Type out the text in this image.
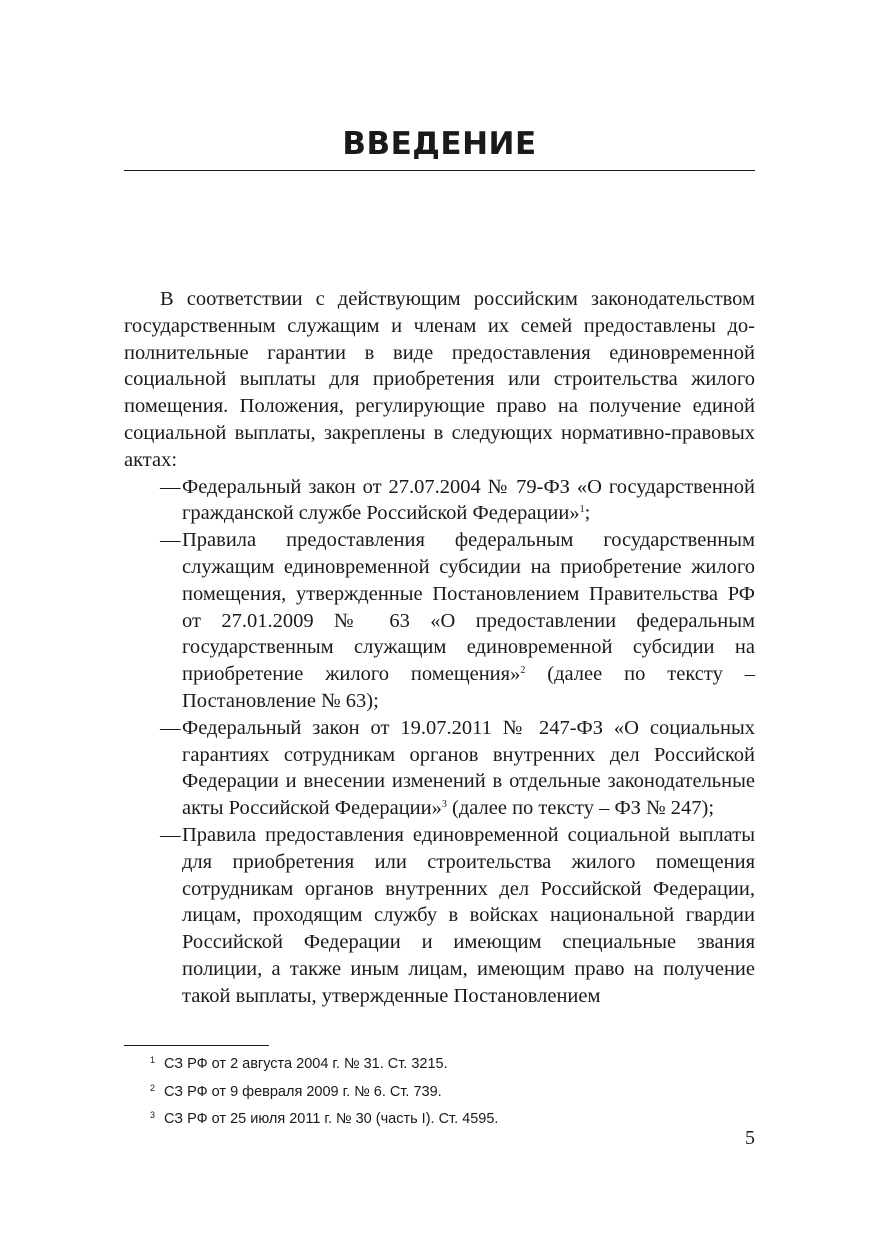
ВВЕДЕНИЕ

В соответствии с действующим российским законодательством государственным служащим и членам их семей предоставлены дополнительные гарантии в виде предоставления единовременной социальной выплаты для приобретения или строительства жилого помещения. Положения, регулирующие право на получение единой социальной выплаты, закреплены в следующих нормативно-правовых актах:

— Федеральный закон от 27.07.2004 № 79-ФЗ «О государственной гражданской службе Российской Федерации»$^1$;
— Правила предоставления федеральным государственным служащим единовременной субсидии на приобретение жилого помещения, утвержденные Постановлением Правительства РФ от 27.01.2009 № 63 «О предоставлении федеральным государственным служащим единовременной субсидии на приобретение жилого помещения»$^2$ (далее по тексту – Постановление № 63);
— Федеральный закон от 19.07.2011 № 247-ФЗ «О социальных гарантиях сотрудникам органов внутренних дел Российской Федерации и внесении изменений в отдельные законодательные акты Российской Федерации»$^3$ (далее по тексту – ФЗ № 247);
— Правила предоставления единовременной социальной выплаты для приобретения или строительства жилого помещения сотрудникам органов внутренних дел Российской Федерации, лицам, проходящим службу в войсках национальной гвардии Российской Федерации и имеющим специальные звания полиции, а также иным лицам, имеющим право на получение такой выплаты, утвержденные Постановлением
1 СЗ РФ от 2 августа 2004 г. № 31. Ст. 3215.
2 СЗ РФ от 9 февраля 2009 г. № 6. Ст. 739.
3 СЗ РФ от 25 июля 2011 г. № 30 (часть I). Ст. 4595.
5
